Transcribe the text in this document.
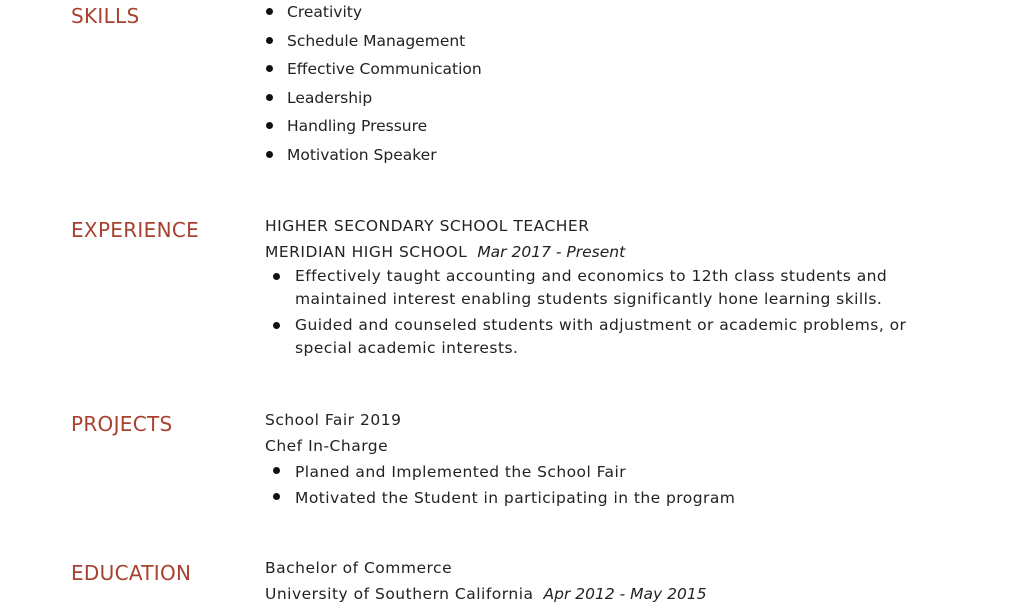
SKILLS	Creativity
Schedule Management
Effective Communication
Leadership
Handling Pressure
Motivation Speaker
EXPERIENCE	HIGHER SECONDARY SCHOOL TEACHER
MERIDIAN HIGH SCHOOL Mar 2017 - Present
Effectively taught accounting and economics to 12th class students and maintained interest enabling students significantly hone learning skills.
Guided and counseled students with adjustment or academic problems, or special academic interests.
PROJECTS	School Fair 2019
Chef In-Charge
Planed and Implemented the School Fair
Motivated the Student in participating in the program
EDUCATION	Bachelor of Commerce
University of Southern California Apr 2012 - May 2015
